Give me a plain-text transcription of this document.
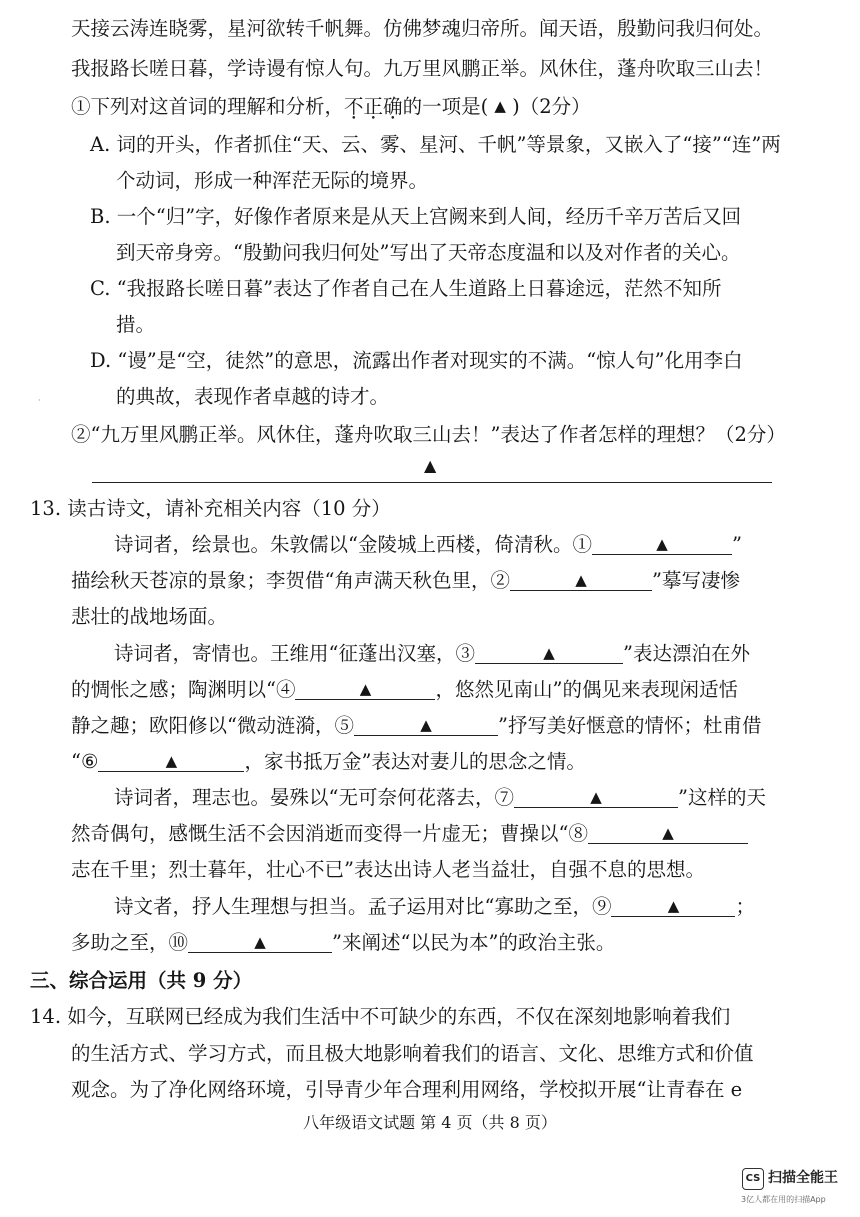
天接云涛连晓雾，星河欲转千帆舞。仿佛梦魂归帝所。闻天语，殷勤问我归何处。
我报路长嗟日暮，学诗谩有惊人句。九万里风鹏正举。风休住，蓬舟吹取三山去！
①下列对这首词的理解和分析，不正确的一项是( ▲ )（2分）
A. 词的开头，作者抓住“天、云、雾、星河、千帆”等景象，又嵌入了“接”“连”两
个动词，形成一种浑茫无际的境界。
B. 一个“归”字，好像作者原来是从天上宫阙来到人间，经历千辛万苦后又回
到天帝身旁。“殷勤问我归何处”写出了天帝态度温和以及对作者的关心。
C. “我报路长嗟日暮”表达了作者自己在人生道路上日暮途远，茫然不知所
措。
D. “谩”是“空，徒然”的意思，流露出作者对现实的不满。“惊人句”化用李白
的典故，表现作者卓越的诗才。
·
②“九万里风鹏正举。风休住，蓬舟吹取三山去！”表达了作者怎样的理想？（2分）
▲
13. 读古诗文，请补充相关内容（10 分）
诗词者，绘景也。朱敦儒以“金陵城上西楼，倚清秋。①	▲	”
描绘秋天苍凉的景象；李贺借“角声满天秋色里，②	▲	”摹写凄惨
悲壮的战地场面。
诗词者，寄情也。王维用“征蓬出汉塞，③	▲	”表达漂泊在外
的惆怅之感；陶渊明以“④	▲	，悠然见南山”的偶见来表现闲适恬
静之趣；欧阳修以“微动涟漪，⑤	▲	”抒写美好惬意的情怀；杜甫借
“⑥	▲	，家书抵万金”表达对妻儿的思念之情。
诗词者，理志也。晏殊以“无可奈何花落去，⑦	▲	”这样的天
然奇偶句，感慨生活不会因消逝而变得一片虚无；曹操以“⑧	▲
志在千里；烈士暮年，壮心不已”表达出诗人老当益壮，自强不息的思想。
诗文者，抒人生理想与担当。孟子运用对比“寡助之至，⑨	▲	；
多助之至，⑩	▲	”来阐述“以民为本”的政治主张。
三、综合运用（共 9 分）
14. 如今，互联网已经成为我们生活中不可缺少的东西，不仅在深刻地影响着我们
的生活方式、学习方式，而且极大地影响着我们的语言、文化、思维方式和价值
观念。为了净化网络环境，引导青少年合理利用网络，学校拟开展“让青春在 e
八年级语文试题 第 4 页（共 8 页）
CS 扫描全能王
3亿人都在用的扫描App
